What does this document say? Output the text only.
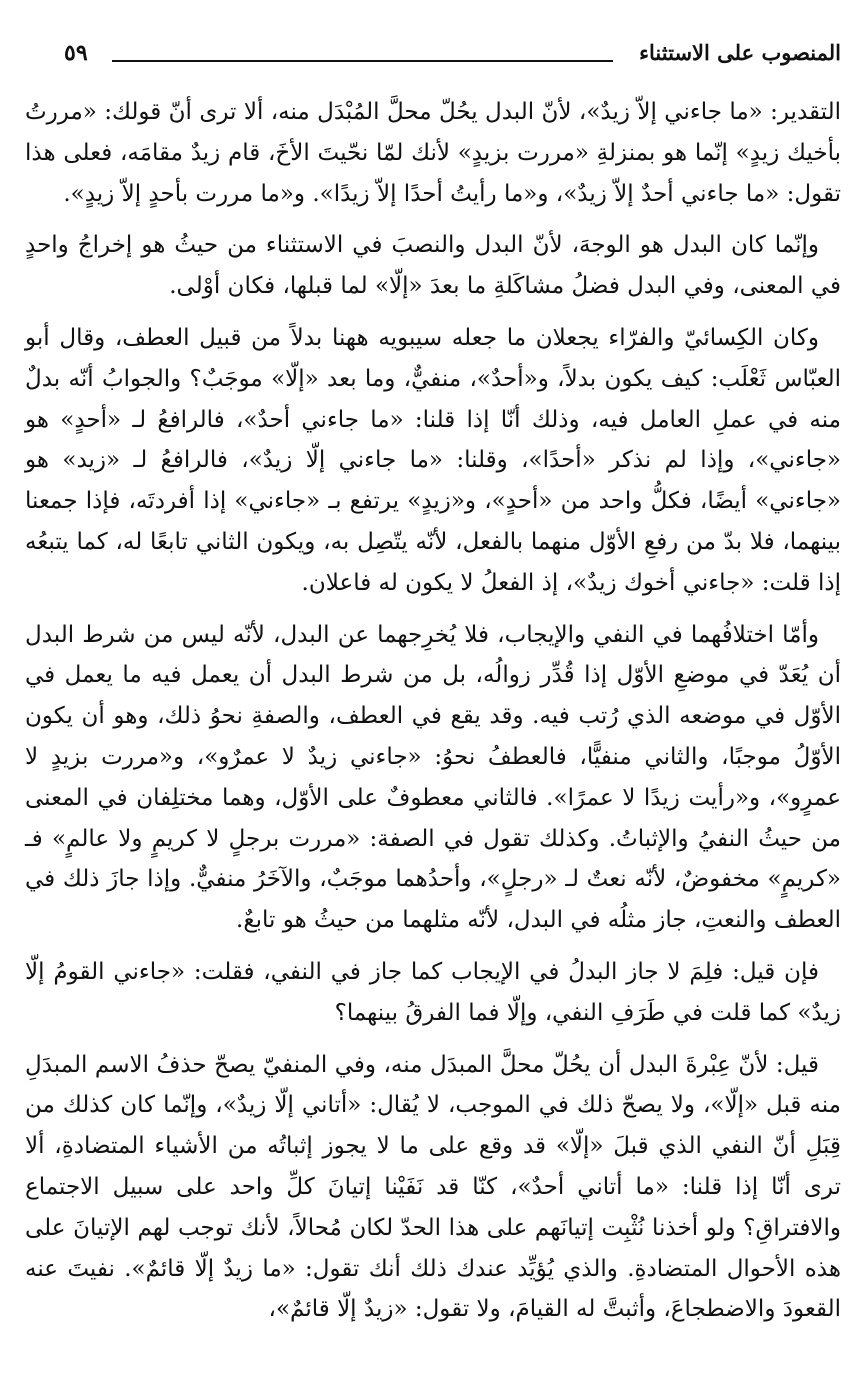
المنصوب على الاستثناء
٥٩

التقدير: «ما جاءني إلاّ زيدٌ»، لأنّ البدل يحُلّ محلَّ المُبْدَل منه، ألا ترى أنّ قولك: «مررتُ بأخيك زيدٍ» إنّما هو بمنزلةِ «مررت بزيدٍ» لأنك لمّا نحّيتَ الأخَ، قام زيدٌ مقامَه، فعلى هذا تقول: «ما جاءني أحدٌ إلاّ زيدٌ»، و«ما رأيتُ أحدًا إلاّ زيدًا». و«ما مررت بأحدٍ إلاّ زيدٍ».

وإنّما كان البدل هو الوجهَ، لأنّ البدل والنصبَ في الاستثناء من حيثُ هو إخراجُ واحدٍ في المعنى، وفي البدل فضلُ مشاكَلةِ ما بعدَ «إلّا» لما قبلها، فكان أوْلى.

وكان الكِسائيّ والفرّاء يجعلان ما جعله سيبويه ههنا بدلاً من قبيل العطف، وقال أبو العبّاس ثَعْلَب: كيف يكون بدلاً، و«أحدٌ»، منفيٌّ، وما بعد «إلّا» موجَبٌ؟ والجوابُ أنّه بدلٌ منه في عملِ العامل فيه، وذلك أنّا إذا قلنا: «ما جاءني أحدٌ»، فالرافعُ لـ «أحدٍ» هو «جاءني»، وإذا لم نذكر «أحدًا»، وقلنا: «ما جاءني إلّا زيدٌ»، فالرافعُ لـ «زيد» هو «جاءني» أيضًا، فكلُّ واحد من «أحدٍ»، و«زيدٍ» يرتفع بـ «جاءني» إذا أفردتَه، فإذا جمعنا بينهما، فلا بدّ من رفعِ الأوّل منهما بالفعل، لأنّه يتّصِل به، ويكون الثاني تابعًا له، كما يتبعُه إذا قلت: «جاءني أخوك زيدٌ»، إذ الفعلُ لا يكون له فاعلان.

وأمّا اختلافُهما في النفي والإيجاب، فلا يُخرِجهما عن البدل، لأنّه ليس من شرط البدل أن يُعَدّ في موضعِ الأوّل إذا قُدِّر زوالُه، بل من شرط البدل أن يعمل فيه ما يعمل في الأوّل في موضعه الذي رُتب فيه. وقد يقع في العطف، والصفةِ نحوُ ذلك، وهو أن يكون الأوّلُ موجبًا، والثاني منفيًّا، فالعطفُ نحوُ: «جاءني زيدٌ لا عمرٌو»، و«مررت بزيدٍ لا عمرٍو»، و«رأيت زيدًا لا عمرًا». فالثاني معطوفٌ على الأوّل، وهما مختلِفان في المعنى من حيثُ النفيُ والإثباتُ. وكذلك تقول في الصفة: «مررت برجلٍ لا كريمٍ ولا عالمٍ» فـ «كريمٍ» مخفوضٌ، لأنّه نعتٌ لـ «رجلٍ»، وأحدُهما موجَبٌ، والآخَرُ منفيٌّ. وإذا جازَ ذلك في العطف والنعتِ، جاز مثلُه في البدل، لأنّه مثلهما من حيثُ هو تابعٌ.

فإن قيل: فلِمَ لا جاز البدلُ في الإيجاب كما جاز في النفي، فقلت: «جاءني القومُ إلّا زيدٌ» كما قلت في طَرَفِ النفي، وإلّا فما الفرقُ بينهما؟

قيل: لأنّ عِبْرةَ البدل أن يحُلّ محلَّ المبدَل منه، وفي المنفيّ يصحّ حذفُ الاسم المبدَلِ منه قبل «إلّا»، ولا يصحّ ذلك في الموجب، لا يُقال: «أتاني إلّا زيدٌ»، وإنّما كان كذلك من قِبَلِ أنّ النفي الذي قبلَ «إلّا» قد وقع على ما لا يجوز إثباتُه من الأشياء المتضادةِ، ألا ترى أنّا إذا قلنا: «ما أتاني أحدٌ»، كنّا قد نَفَيْنا إتيانَ كلِّ واحد على سبيل الاجتماع والافتراقِ؟ ولو أخذنا نُثْبِت إتيانَهم على هذا الحدّ لكان مُحالاً، لأنك توجب لهم الإتيانَ على هذه الأحوال المتضادةِ. والذي يُؤيِّد عندك ذلك أنك تقول: «ما زيدٌ إلّا قائمٌ». نفيتَ عنه القعودَ والاضطجاعَ، وأثبتَّ له القيامَ، ولا تقول: «زيدٌ إلّا قائمٌ»،
